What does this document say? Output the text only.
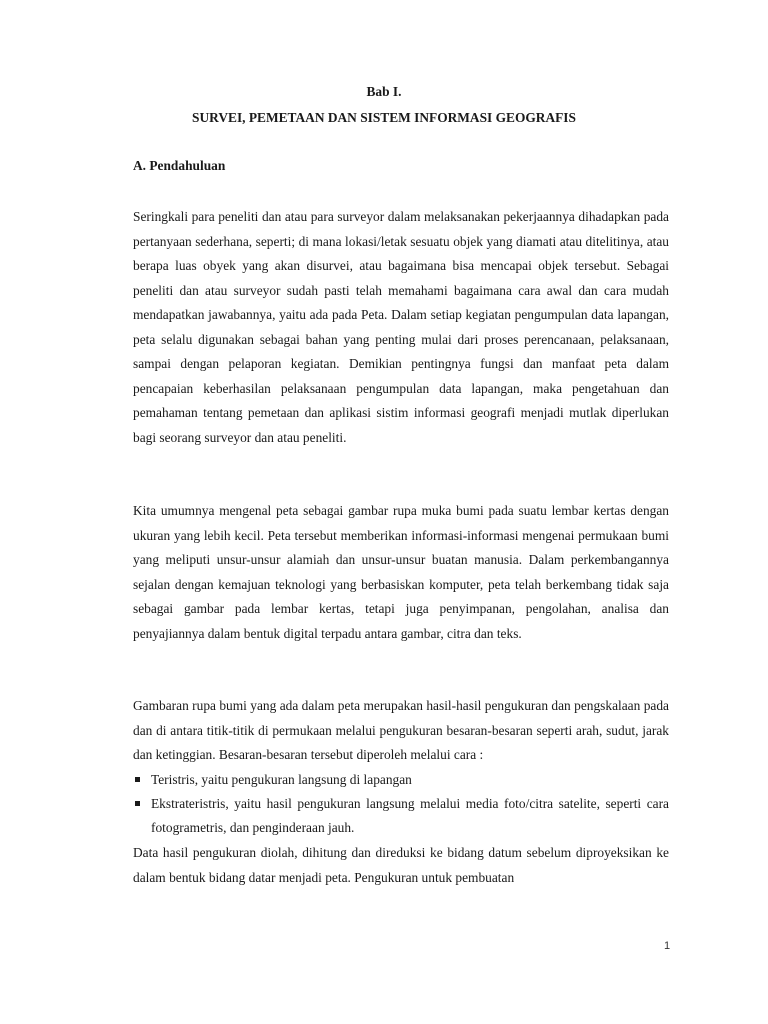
Bab I.
SURVEI, PEMETAAN DAN SISTEM INFORMASI GEOGRAFIS
A. Pendahuluan

Seringkali para peneliti dan atau para surveyor dalam melaksanakan pekerjaannya dihadapkan pada pertanyaan sederhana, seperti; di mana lokasi/letak sesuatu objek yang diamati atau ditelitinya, atau berapa luas obyek yang akan disurvei, atau bagaimana bisa mencapai objek tersebut. Sebagai peneliti dan atau surveyor sudah pasti telah memahami bagaimana cara awal dan cara mudah mendapatkan jawabannya, yaitu ada pada Peta. Dalam setiap kegiatan pengumpulan data lapangan, peta selalu digunakan sebagai bahan yang penting mulai dari proses perencanaan, pelaksanaan, sampai dengan pelaporan kegiatan. Demikian pentingnya fungsi dan manfaat peta dalam pencapaian keberhasilan pelaksanaan pengumpulan data lapangan, maka pengetahuan dan pemahaman tentang pemetaan dan aplikasi sistim informasi geografi menjadi mutlak diperlukan bagi seorang surveyor dan atau peneliti.

Kita umumnya mengenal peta sebagai gambar rupa muka bumi pada suatu lembar kertas dengan ukuran yang lebih kecil. Peta tersebut memberikan informasi-informasi mengenai permukaan bumi yang meliputi unsur-unsur alamiah dan unsur-unsur buatan manusia. Dalam perkembangannya sejalan dengan kemajuan teknologi yang berbasiskan komputer, peta telah berkembang tidak saja sebagai gambar pada lembar kertas, tetapi juga penyimpanan, pengolahan, analisa dan penyajiannya dalam bentuk digital terpadu antara gambar, citra dan teks.

Gambaran rupa bumi yang ada dalam peta merupakan hasil-hasil pengukuran dan pengskalaan pada dan di antara titik-titik di permukaan melalui pengukuran besaran-besaran seperti arah, sudut, jarak dan ketinggian. Besaran-besaran tersebut diperoleh melalui cara :

Teristris, yaitu pengukuran langsung di lapangan
Ekstrateristris, yaitu hasil pengukuran langsung melalui media foto/citra satelite, seperti cara fotogrametris, dan penginderaan jauh.

Data hasil pengukuran diolah, dihitung dan direduksi ke bidang datum sebelum diproyeksikan ke dalam bentuk bidang datar menjadi peta. Pengukuran untuk pembuatan

1
